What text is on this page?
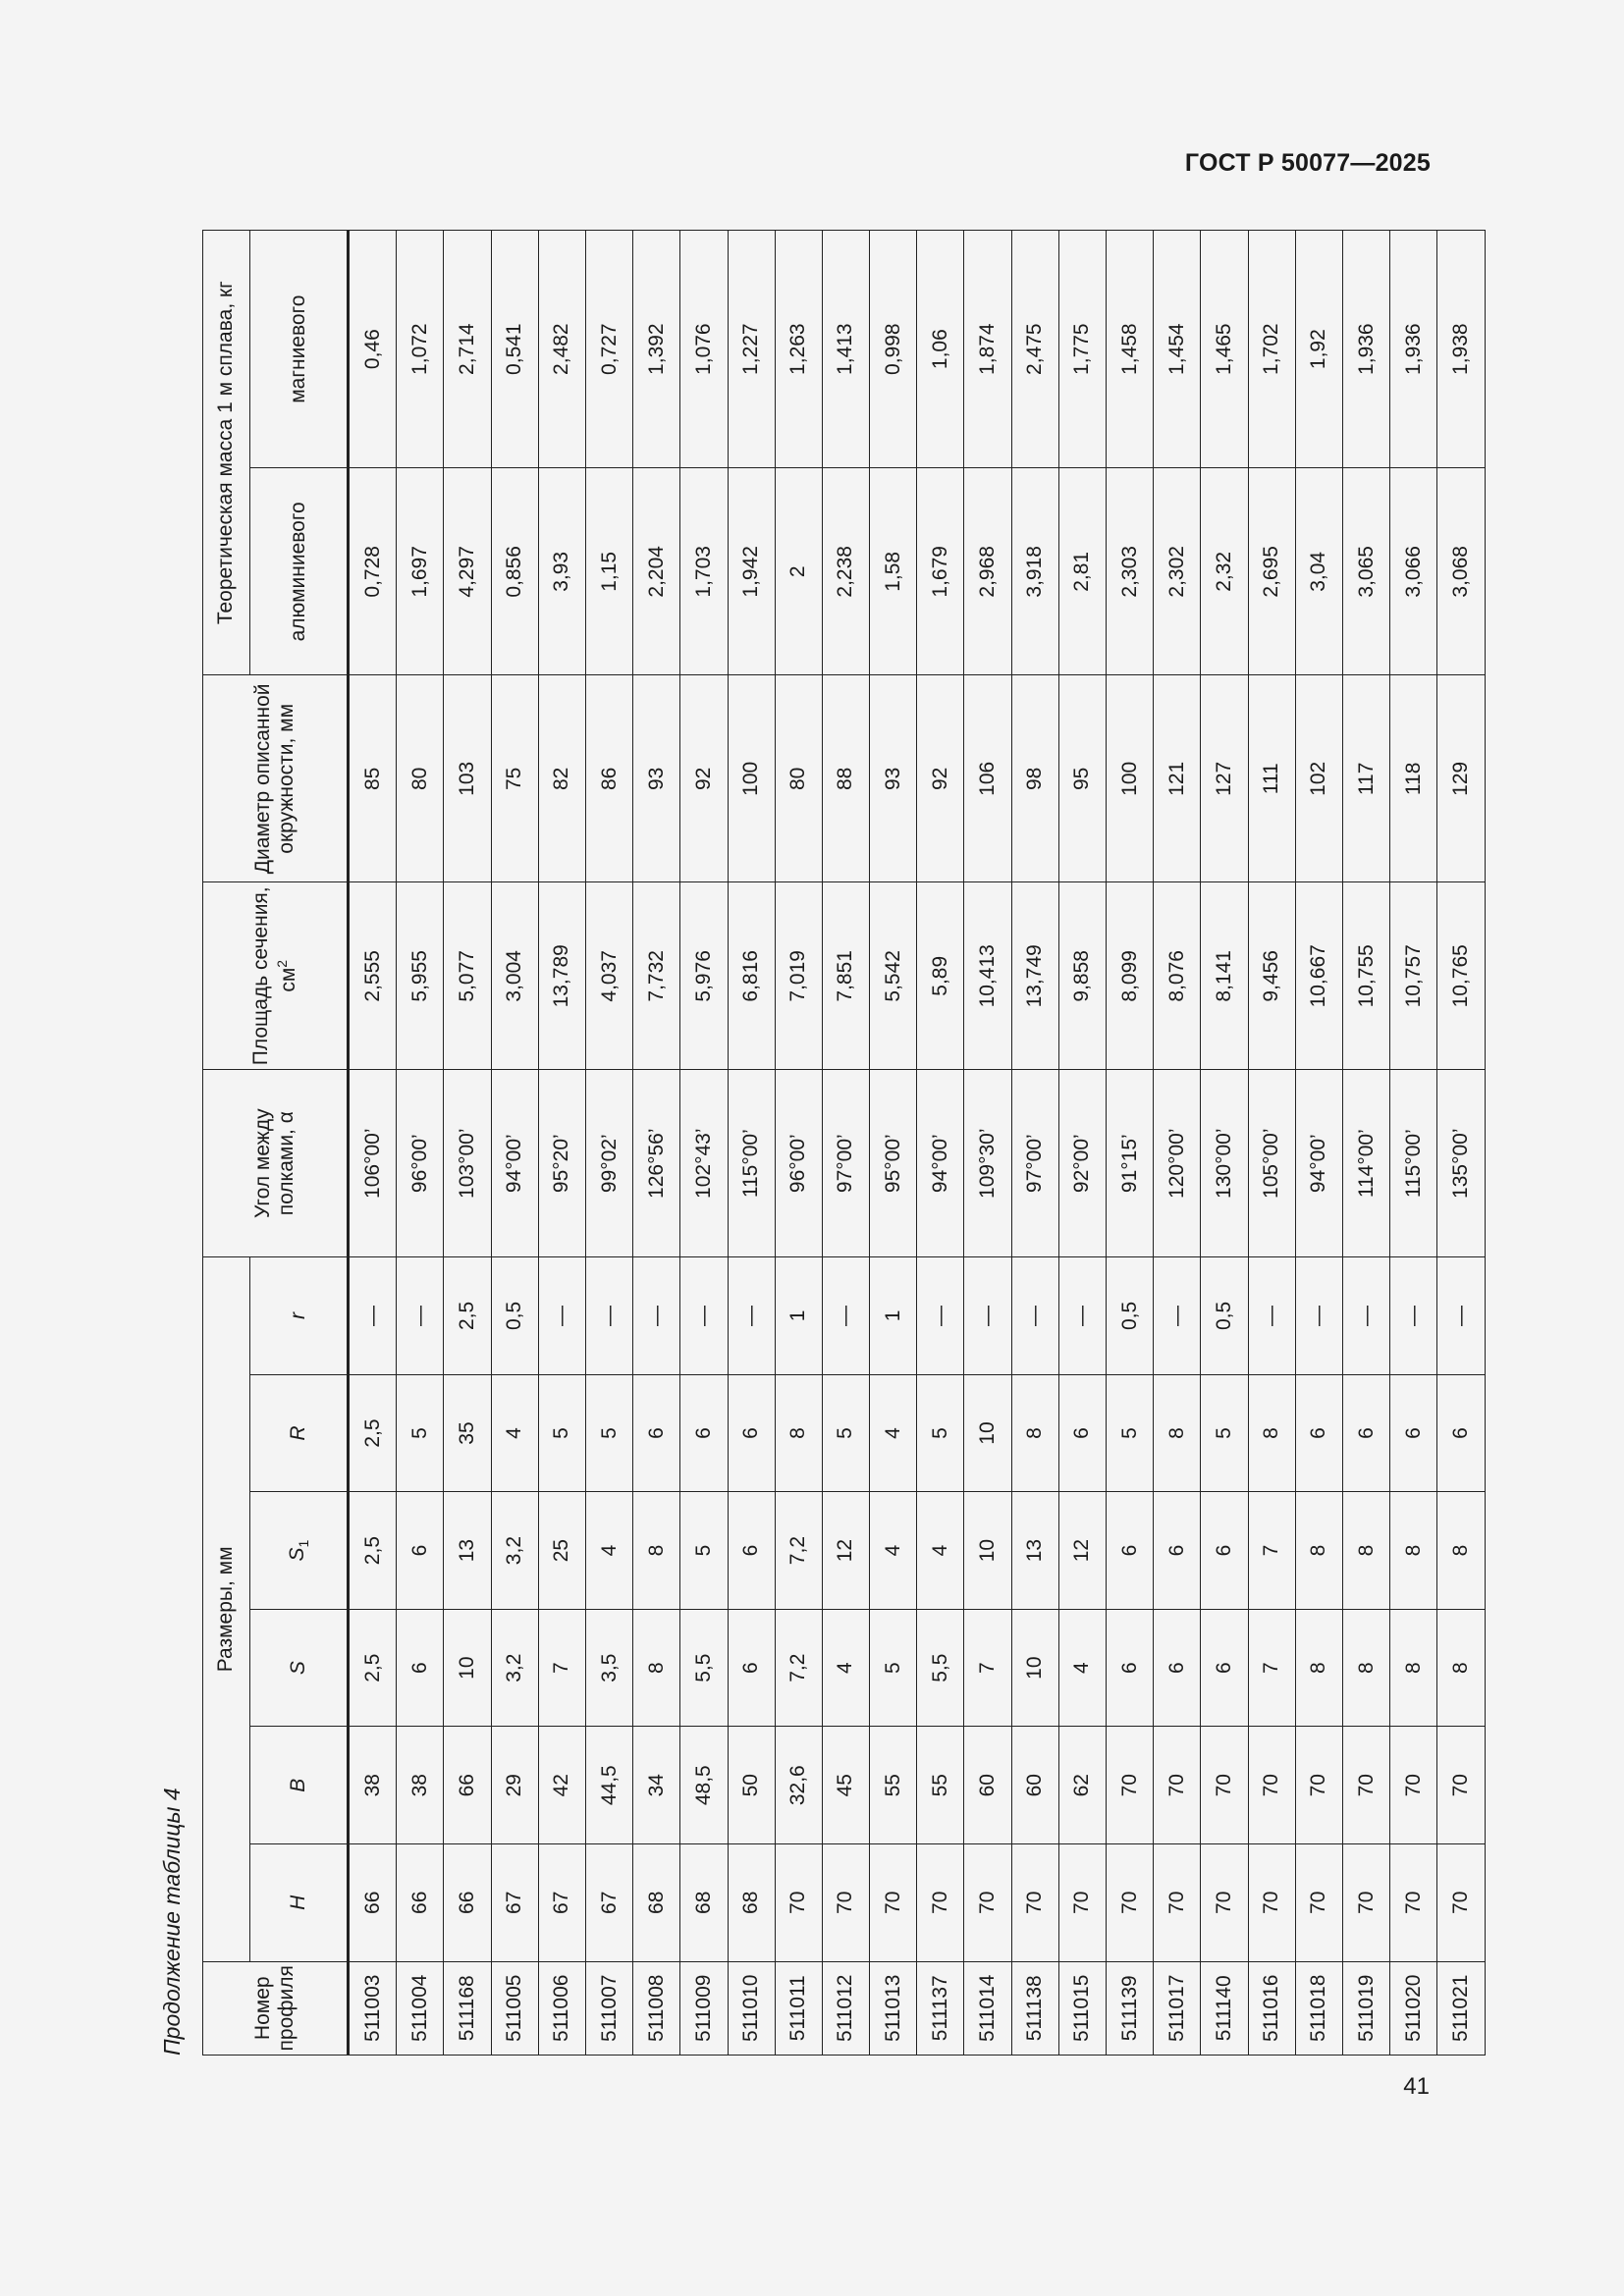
ГОСТ Р 50077—2025
41
Продолжение таблицы 4	Номер профиля	Размеры, мм						Угол между полками, α	Площадь сечения, $см^2$	Диаметр описанной окружности, мм	Теоретическая масса 1 м сплава, кг	
	H	B	S	$S_1$	R	r				алюминиевого	магниевого
511003	66	38	2,5	2,5	2,5	—	106°00’	2,555	85	0,728	0,46
511004	66	38	6	6	5	—	96°00’	5,955	80	1,697	1,072
511168	66	66	10	13	35	2,5	103°00’	5,077	103	4,297	2,714
511005	67	29	3,2	3,2	4	0,5	94°00’	3,004	75	0,856	0,541
511006	67	42	7	25	5	—	95°20’	13,789	82	3,93	2,482
511007	67	44,5	3,5	4	5	—	99°02’	4,037	86	1,15	0,727
511008	68	34	8	8	6	—	126°56’	7,732	93	2,204	1,392
511009	68	48,5	5,5	5	6	—	102°43’	5,976	92	1,703	1,076
511010	68	50	6	6	6	—	115°00’	6,816	100	1,942	1,227
511011	70	32,6	7,2	7,2	8	1	96°00’	7,019	80	2	1,263
511012	70	45	4	12	5	—	97°00’	7,851	88	2,238	1,413
511013	70	55	5	4	4	1	95°00’	5,542	93	1,58	0,998
511137	70	55	5,5	4	5	—	94°00’	5,89	92	1,679	1,06
511014	70	60	7	10	10	—	109°30’	10,413	106	2,968	1,874
511138	70	60	10	13	8	—	97°00’	13,749	98	3,918	2,475
511015	70	62	4	12	6	—	92°00’	9,858	95	2,81	1,775
511139	70	70	6	6	5	0,5	91°15’	8,099	100	2,303	1,458
511017	70	70	6	6	8	—	120°00’	8,076	121	2,302	1,454
511140	70	70	6	6	5	0,5	130°00’	8,141	127	2,32	1,465
511016	70	70	7	7	8	—	105°00’	9,456	111	2,695	1,702
511018	70	70	8	8	6	—	94°00’	10,667	102	3,04	1,92
511019	70	70	8	8	6	—	114°00’	10,755	117	3,065	1,936
511020	70	70	8	8	6	—	115°00’	10,757	118	3,066	1,936
511021	70	70	8	8	6	—	135°00’	10,765	129	3,068	1,938
